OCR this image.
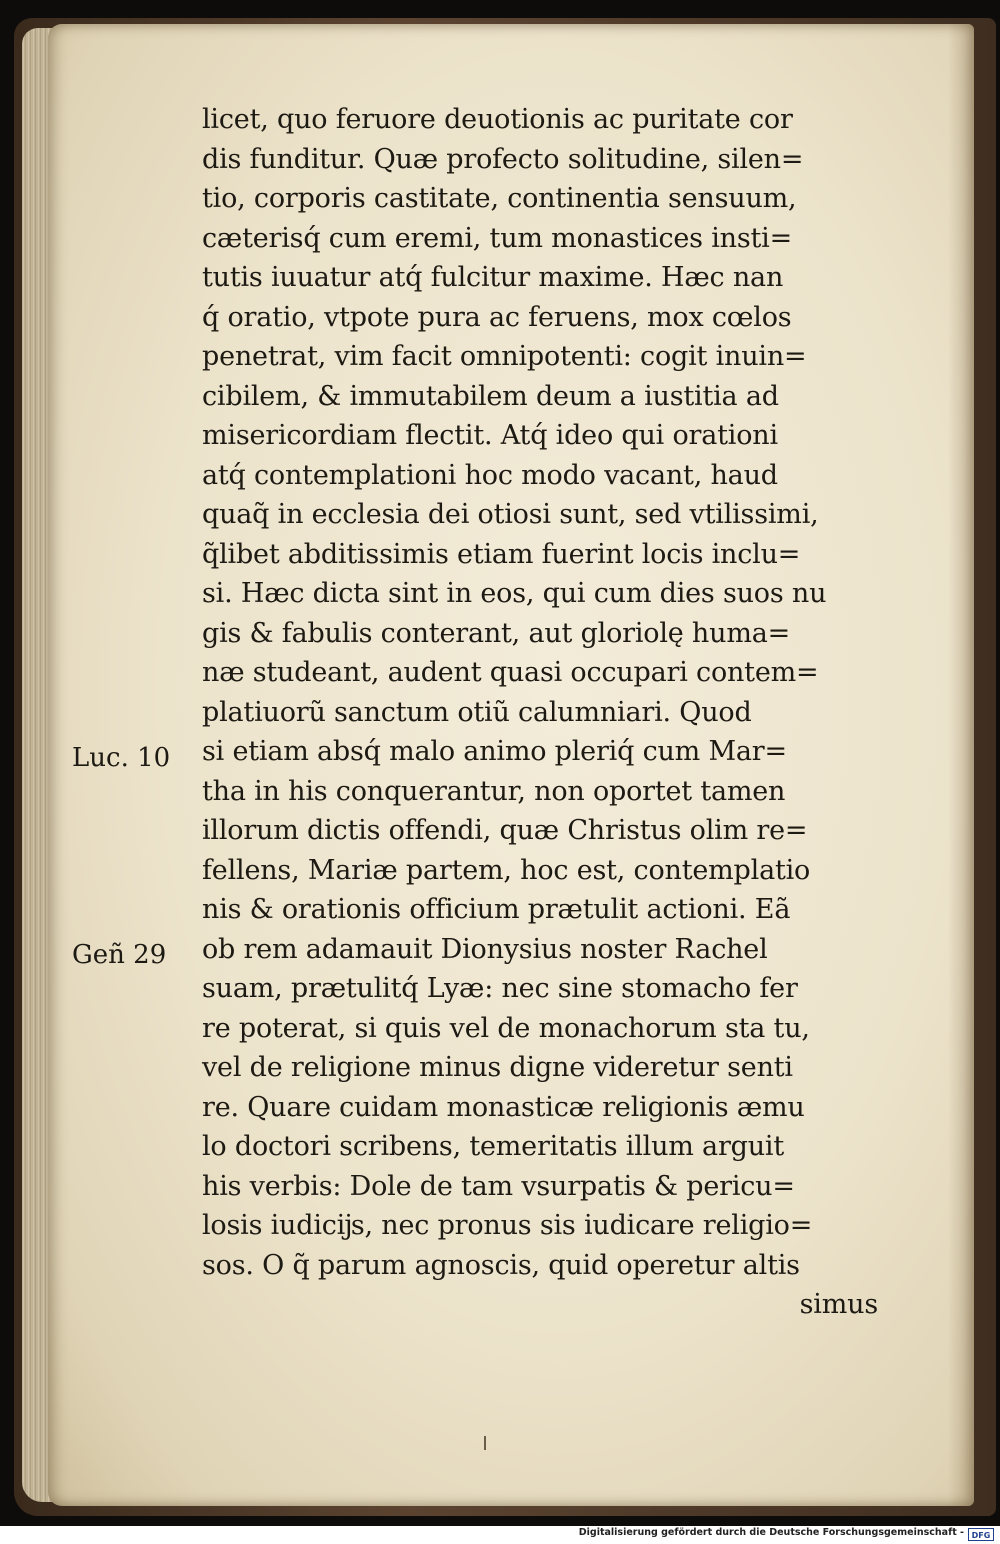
licet, quo feruore deuotionis ac puritate cor
dis funditur. Quæ profecto solitudine, silen=
tio, corporis castitate, continentia sensuum,
cæterisq́ cum eremi, tum monastices insti=
tutis iuuatur atq́ fulcitur maxime. Hæc nan
q́ oratio, vtpote pura ac feruens, mox cœlos
penetrat, vim facit omnipotenti: cogit inuin=
cibilem, & immutabilem deum a iustitia ad
misericordiam flectit. Atq́ ideo qui orationi
atq́ contemplationi hoc modo vacant, haud
quaq̃ in ecclesia dei otiosi sunt, sed vtilissimi,
q̃libet abditissimis etiam fuerint locis inclu=
si. Hæc dicta sint in eos, qui cum dies suos nu
gis & fabulis conterant, aut gloriolę huma=
næ studeant, audent quasi occupari contem=
platiuorũ sanctum otiũ calumniari. Quod
si etiam absq́ malo animo pleriq́ cum Mar=
tha in his conquerantur, non oportet tamen
illorum dictis offendi, quæ Christus olim re=
fellens, Mariæ partem, hoc est, contemplatio
nis & orationis officium prætulit actioni. Eã
ob rem adamauit Dionysius noster Rachel
suam, prætulitq́ Lyæ: nec sine stomacho fer
re poterat, si quis vel de monachorum sta tu,
vel de religione minus digne videretur senti
re. Quare cuidam monasticæ religionis æmu
lo doctori scribens, temeritatis illum arguit
his verbis: Dole de tam vsurpatis & pericu=
losis iudicĳs, nec pronus sis iudicare religio=
sos. O q̃ parum agnoscis, quid operetur altis
simus
Luc. 10
Geñ 29
Digitalisierung gefördert durch die Deutsche Forschungsgemeinschaft - DFG
